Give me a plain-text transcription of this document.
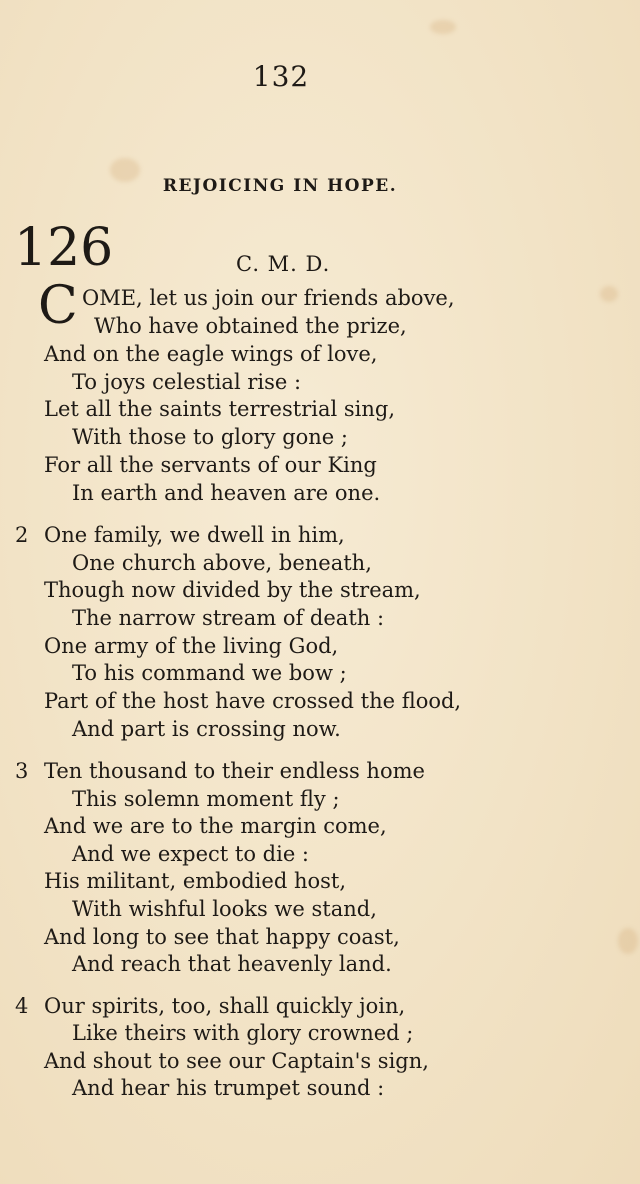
132
REJOICING IN HOPE.
126	C. M. D.
C OME, let us join our friends above,
Who have obtained the prize,
And on the eagle wings of love,
To joys celestial rise :
Let all the saints terrestrial sing,
With those to glory gone ;
For all the servants of our King
In earth and heaven are one.
2 One family, we dwell in him,
One church above, beneath,
Though now divided by the stream,
The narrow stream of death :
One army of the living God,
To his command we bow ;
Part of the host have crossed the flood,
And part is crossing now.
3 Ten thousand to their endless home
This solemn moment fly ;
And we are to the margin come,
And we expect to die :
His militant, embodied host,
With wishful looks we stand,
And long to see that happy coast,
And reach that heavenly land.
4 Our spirits, too, shall quickly join,
Like theirs with glory crowned ;
And shout to see our Captain's sign,
And hear his trumpet sound :
